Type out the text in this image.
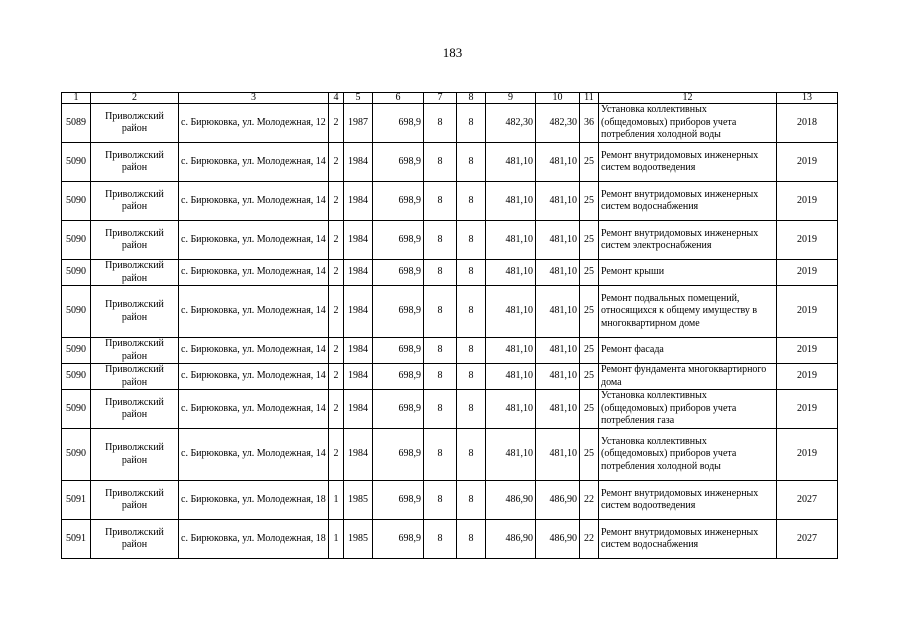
183
1	2	3	4	5	6	7	8	9	10	11	12	13
5089	Приволжский район	с. Бирюковка, ул. Молодежная, 12	2	1987	698,9	8	8	482,30	482,30	36	Установка коллективных (общедомовых) приборов учета потребления холодной воды	2018
5090	Приволжский район	с. Бирюковка, ул. Молодежная, 14	2	1984	698,9	8	8	481,10	481,10	25	Ремонт внутридомовых инженерных систем водоотведения	2019
5090	Приволжский район	с. Бирюковка, ул. Молодежная, 14	2	1984	698,9	8	8	481,10	481,10	25	Ремонт внутридомовых инженерных систем водоснабжения	2019
5090	Приволжский район	с. Бирюковка, ул. Молодежная, 14	2	1984	698,9	8	8	481,10	481,10	25	Ремонт внутридомовых инженерных систем электроснабжения	2019
5090	Приволжский район	с. Бирюковка, ул. Молодежная, 14	2	1984	698,9	8	8	481,10	481,10	25	Ремонт крыши	2019
5090	Приволжский район	с. Бирюковка, ул. Молодежная, 14	2	1984	698,9	8	8	481,10	481,10	25	Ремонт подвальных помещений, относящихся к общему имуществу в многоквартирном доме	2019
5090	Приволжский район	с. Бирюковка, ул. Молодежная, 14	2	1984	698,9	8	8	481,10	481,10	25	Ремонт фасада	2019
5090	Приволжский район	с. Бирюковка, ул. Молодежная, 14	2	1984	698,9	8	8	481,10	481,10	25	Ремонт фундамента многоквартирного дома	2019
5090	Приволжский район	с. Бирюковка, ул. Молодежная, 14	2	1984	698,9	8	8	481,10	481,10	25	Установка коллективных (общедомовых) приборов учета потребления газа	2019
5090	Приволжский район	с. Бирюковка, ул. Молодежная, 14	2	1984	698,9	8	8	481,10	481,10	25	Установка коллективных (общедомовых) приборов учета потребления холодной воды	2019
5091	Приволжский район	с. Бирюковка, ул. Молодежная, 18	1	1985	698,9	8	8	486,90	486,90	22	Ремонт внутридомовых инженерных систем водоотведения	2027
5091	Приволжский район	с. Бирюковка, ул. Молодежная, 18	1	1985	698,9	8	8	486,90	486,90	22	Ремонт внутридомовых инженерных систем водоснабжения	2027
